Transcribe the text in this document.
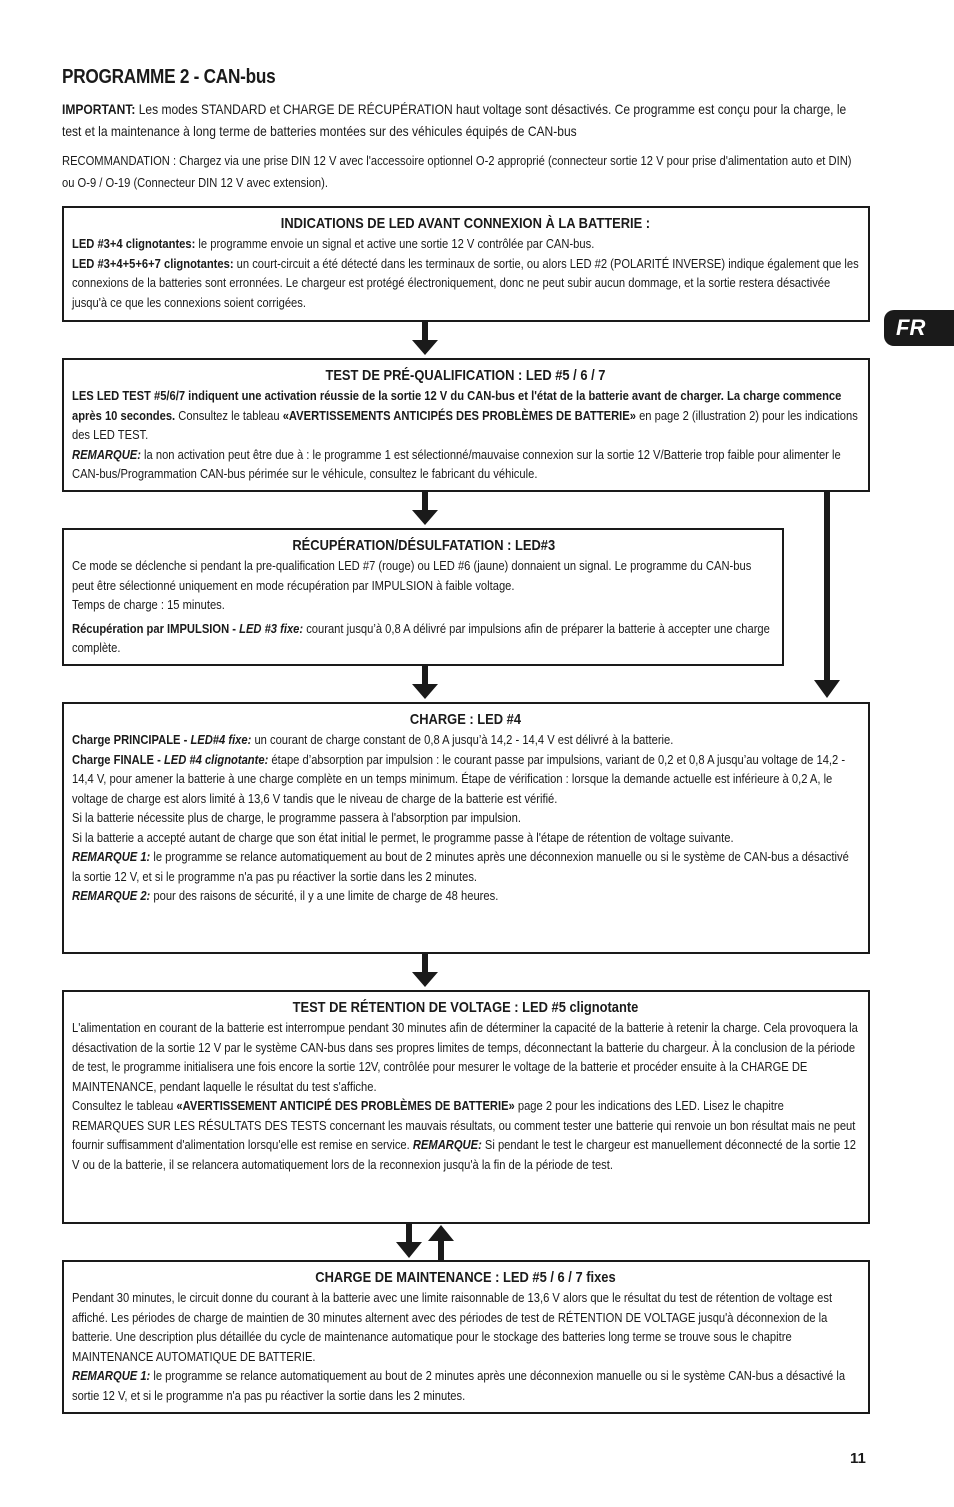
PROGRAMME 2 - CAN-bus

IMPORTANT: Les modes STANDARD et CHARGE DE RÉCUPÉRATION haut voltage sont désactivés. Ce programme est conçu pour la charge, le test et la maintenance à long terme de batteries montées sur des véhicules équipés de CAN-bus

RECOMMANDATION : Chargez via une prise DIN 12 V avec l'accessoire optionnel O-2 approprié (connecteur sortie 12 V pour prise d'alimentation auto et DIN) ou O-9 / O-19 (Connecteur DIN 12 V avec extension).
FR
INDICATIONS DE LED AVANT CONNEXION À LA BATTERIE :

LED #3+4 clignotantes: le programme envoie un signal et active une sortie 12 V contrôlée par CAN-bus.

LED #3+4+5+6+7 clignotantes: un court-circuit a été détecté dans les terminaux de sortie, ou alors LED #2 (POLARITÉ INVERSE) indique également que les connexions de la batteries sont erronnées. Le chargeur est protégé électroniquement, donc ne peut subir aucun dommage, et la sortie restera désactivée jusqu'à ce que les connexions soient corrigées.

TEST DE PRÉ-QUALIFICATION : LED #5 / 6 / 7

LES LED TEST #5/6/7 indiquent une activation réussie de la sortie 12 V du CAN-bus et l'état de la batterie avant de charger. La charge commence après 10 secondes. Consultez le tableau «AVERTISSEMENTS ANTICIPÉS DES PROBLÈMES DE BATTERIE» en page 2 (illustration 2) pour les indications des LED TEST.

REMARQUE: la non activation peut être due à : le programme 1 est sélectionné/mauvaise connexion sur la sortie 12 V/Batterie trop faible pour alimenter le CAN-bus/Programmation CAN-bus périmée sur le véhicule, consultez le fabricant du véhicule.

RÉCUPÉRATION/DÉSULFATATION : LED#3

Ce mode se déclenche si pendant la pre-qualification LED #7 (rouge) ou LED #6 (jaune) donnaient un signal. Le programme du CAN-bus peut être sélectionné uniquement en mode récupération par IMPULSION à faible voltage.

Temps de charge : 15 minutes.

Récupération par IMPULSION - LED #3 fixe: courant jusqu’à 0,8 A délivré par impulsions afin de préparer la batterie à accepter une charge complète.

CHARGE : LED #4

Charge PRINCIPALE - LED#4 fixe: un courant de charge constant de 0,8 A jusqu’à 14,2 - 14,4 V est délivré à la batterie.

Charge FINALE - LED #4 clignotante: étape d’absorption par impulsion : le courant passe par impulsions, variant de 0,2 et 0,8 A jusqu’au voltage de 14,2 - 14,4 V, pour amener la batterie à une charge complète en un temps minimum. Étape de vérification : lorsque la demande actuelle est inférieure à 0,2 A, le voltage de charge est alors limité à 13,6 V tandis que le niveau de charge de la batterie est vérifié.

Si la batterie nécessite plus de charge, le programme passera à l'absorption par impulsion.

Si la batterie a accepté autant de charge que son état initial le permet, le programme passe à l'étape de rétention de voltage suivante.

REMARQUE 1: le programme se relance automatiquement au bout de 2 minutes après une déconnexion manuelle ou si le système de CAN-bus a désactivé la sortie 12 V, et si le programme n'a pas pu réactiver la sortie dans les 2 minutes.

REMARQUE 2: pour des raisons de sécurité, il y a une limite de charge de 48 heures.

TEST DE RÉTENTION DE VOLTAGE : LED #5 clignotante

L'alimentation en courant de la batterie est interrompue pendant 30 minutes afin de déterminer la capacité de la batterie à retenir la charge. Cela provoquera la désactivation de la sortie 12 V par le système CAN-bus dans ses propres limites de temps, déconnectant la batterie du chargeur. À la conclusion de la période de test, le programme initialisera une fois encore la sortie 12V, contrôlée pour mesurer le voltage de la batterie et procéder ensuite à la CHARGE DE MAINTENANCE, pendant laquelle le résultat du test s'affiche.

Consultez le tableau «AVERTISSEMENT ANTICIPÉ DES PROBLÈMES DE BATTERIE» page 2 pour les indications des LED. Lisez le chapitre REMARQUES SUR LES RÉSULTATS DES TESTS concernant les mauvais résultats, ou comment tester une batterie qui renvoie un bon résultat mais ne peut fournir suffisamment d'alimentation lorsqu'elle est remise en service. REMARQUE: Si pendant le test le chargeur est manuellement déconnecté de la sortie 12 V ou de la batterie, il se relancera automatiquement lors de la reconnexion jusqu'à la fin de la période de test.

CHARGE DE MAINTENANCE : LED #5 / 6 / 7 fixes

Pendant 30 minutes, le circuit donne du courant à la batterie avec une limite raisonnable de 13,6 V alors que le résultat du test de rétention de voltage est affiché. Les périodes de charge de maintien de 30 minutes alternent avec des périodes de test de RÉTENTION DE VOLTAGE jusqu'à déconnexion de la batterie. Une description plus détaillée du cycle de maintenance automatique pour le stockage des batteries long terme se trouve sous le chapitre MAINTENANCE AUTOMATIQUE DE BATTERIE.

REMARQUE 1: le programme se relance automatiquement au bout de 2 minutes après une déconnexion manuelle ou si le système CAN-bus a désactivé la sortie 12 V, et si le programme n'a pas pu réactiver la sortie dans les 2 minutes.

11
